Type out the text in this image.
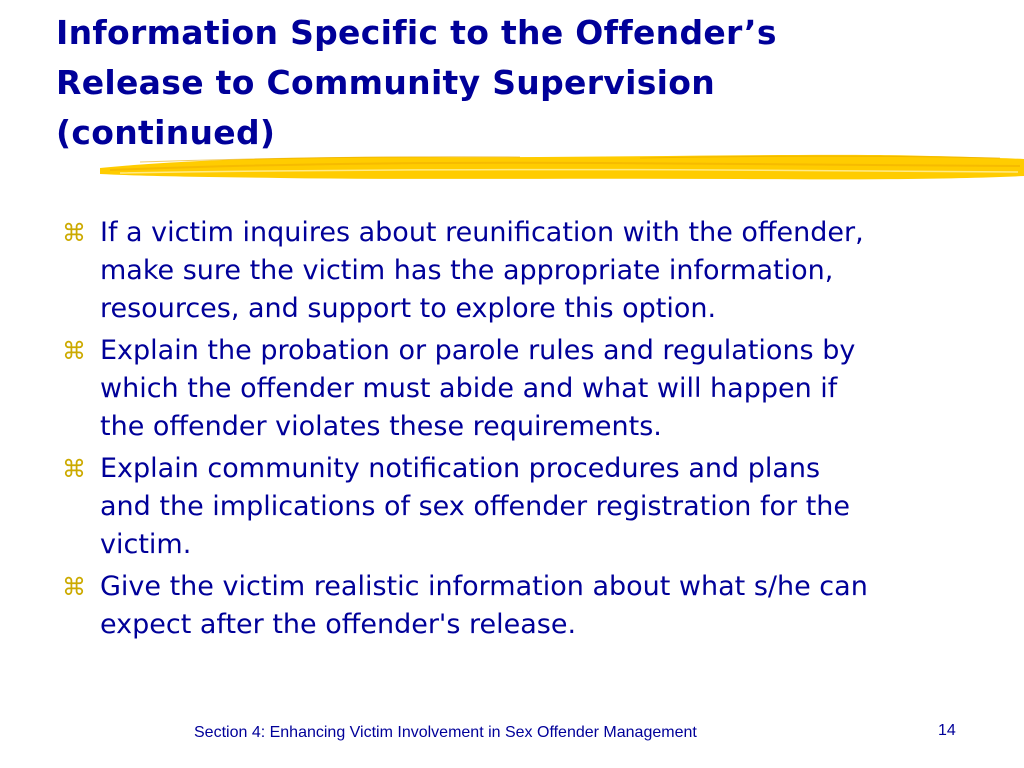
Information Specific to the Offender’s
Release to Community Supervision
(continued)
⌘ If a victim inquires about reunification with the offender,
make sure the victim has the appropriate information,
resources, and support to explore this option.
⌘ Explain the probation or parole rules and regulations by
which the offender must abide and what will happen if
the offender violates these requirements.
⌘ Explain community notification procedures and plans
and the implications of sex offender registration for the
victim.
⌘ Give the victim realistic information about what s/he can
expect after the offender's release.
Section 4: Enhancing Victim Involvement in Sex Offender Management	14
